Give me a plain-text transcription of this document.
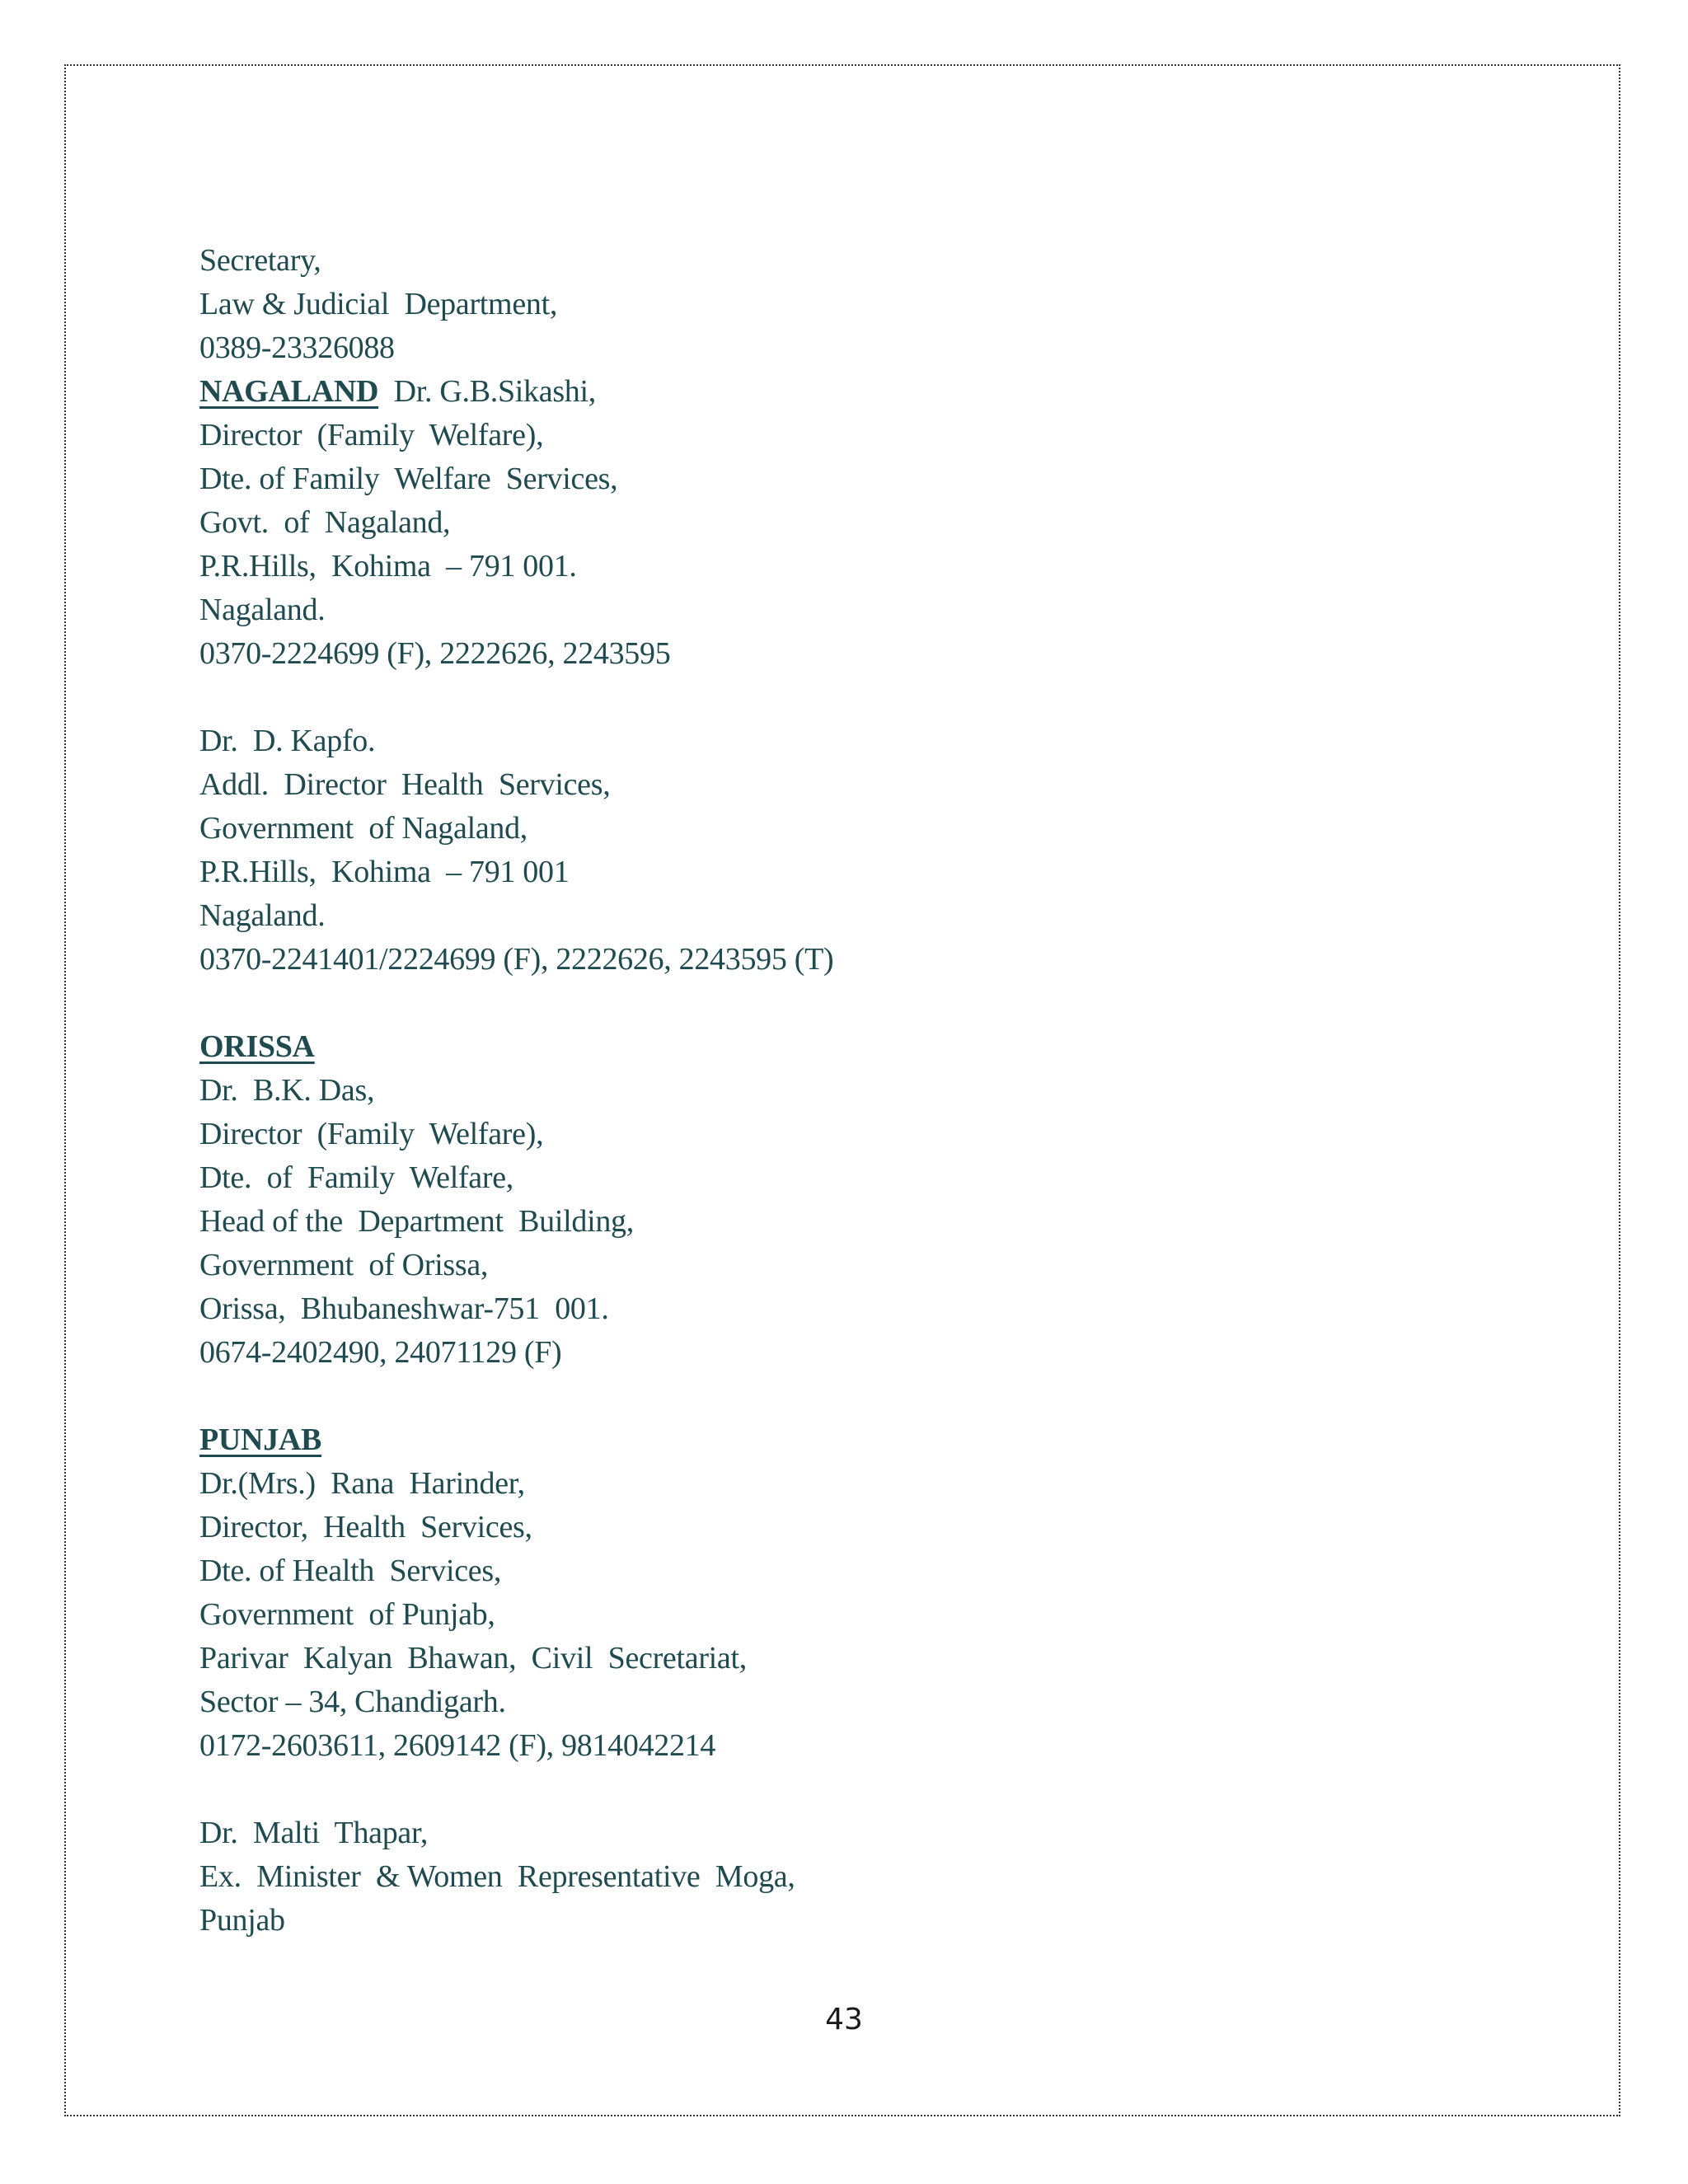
Secretary,
Law & Judicial  Department,
0389-23326088
NAGALAND  Dr. G.B.Sikashi,
Director  (Family  Welfare),
Dte. of Family  Welfare  Services,
Govt.  of  Nagaland,
P.R.Hills,  Kohima  – 791 001.
Nagaland.
0370-2224699 (F), 2222626, 2243595
Dr.  D. Kapfo.
Addl.  Director  Health  Services,
Government  of Nagaland,
P.R.Hills,  Kohima  – 791 001
Nagaland.
0370-2241401/2224699 (F), 2222626, 2243595 (T)
ORISSA
Dr.  B.K. Das,
Director  (Family  Welfare),
Dte.  of  Family  Welfare,
Head of the  Department  Building,
Government  of Orissa,
Orissa,  Bhubaneshwar-751  001.
0674-2402490, 24071129 (F)
PUNJAB
Dr.(Mrs.)  Rana  Harinder,
Director,  Health  Services,
Dte. of Health  Services,
Government  of Punjab,
Parivar  Kalyan  Bhawan,  Civil  Secretariat,
Sector – 34, Chandigarh.
0172-2603611, 2609142 (F), 9814042214
Dr.  Malti  Thapar,
Ex.  Minister  & Women  Representative  Moga,
Punjab
43
